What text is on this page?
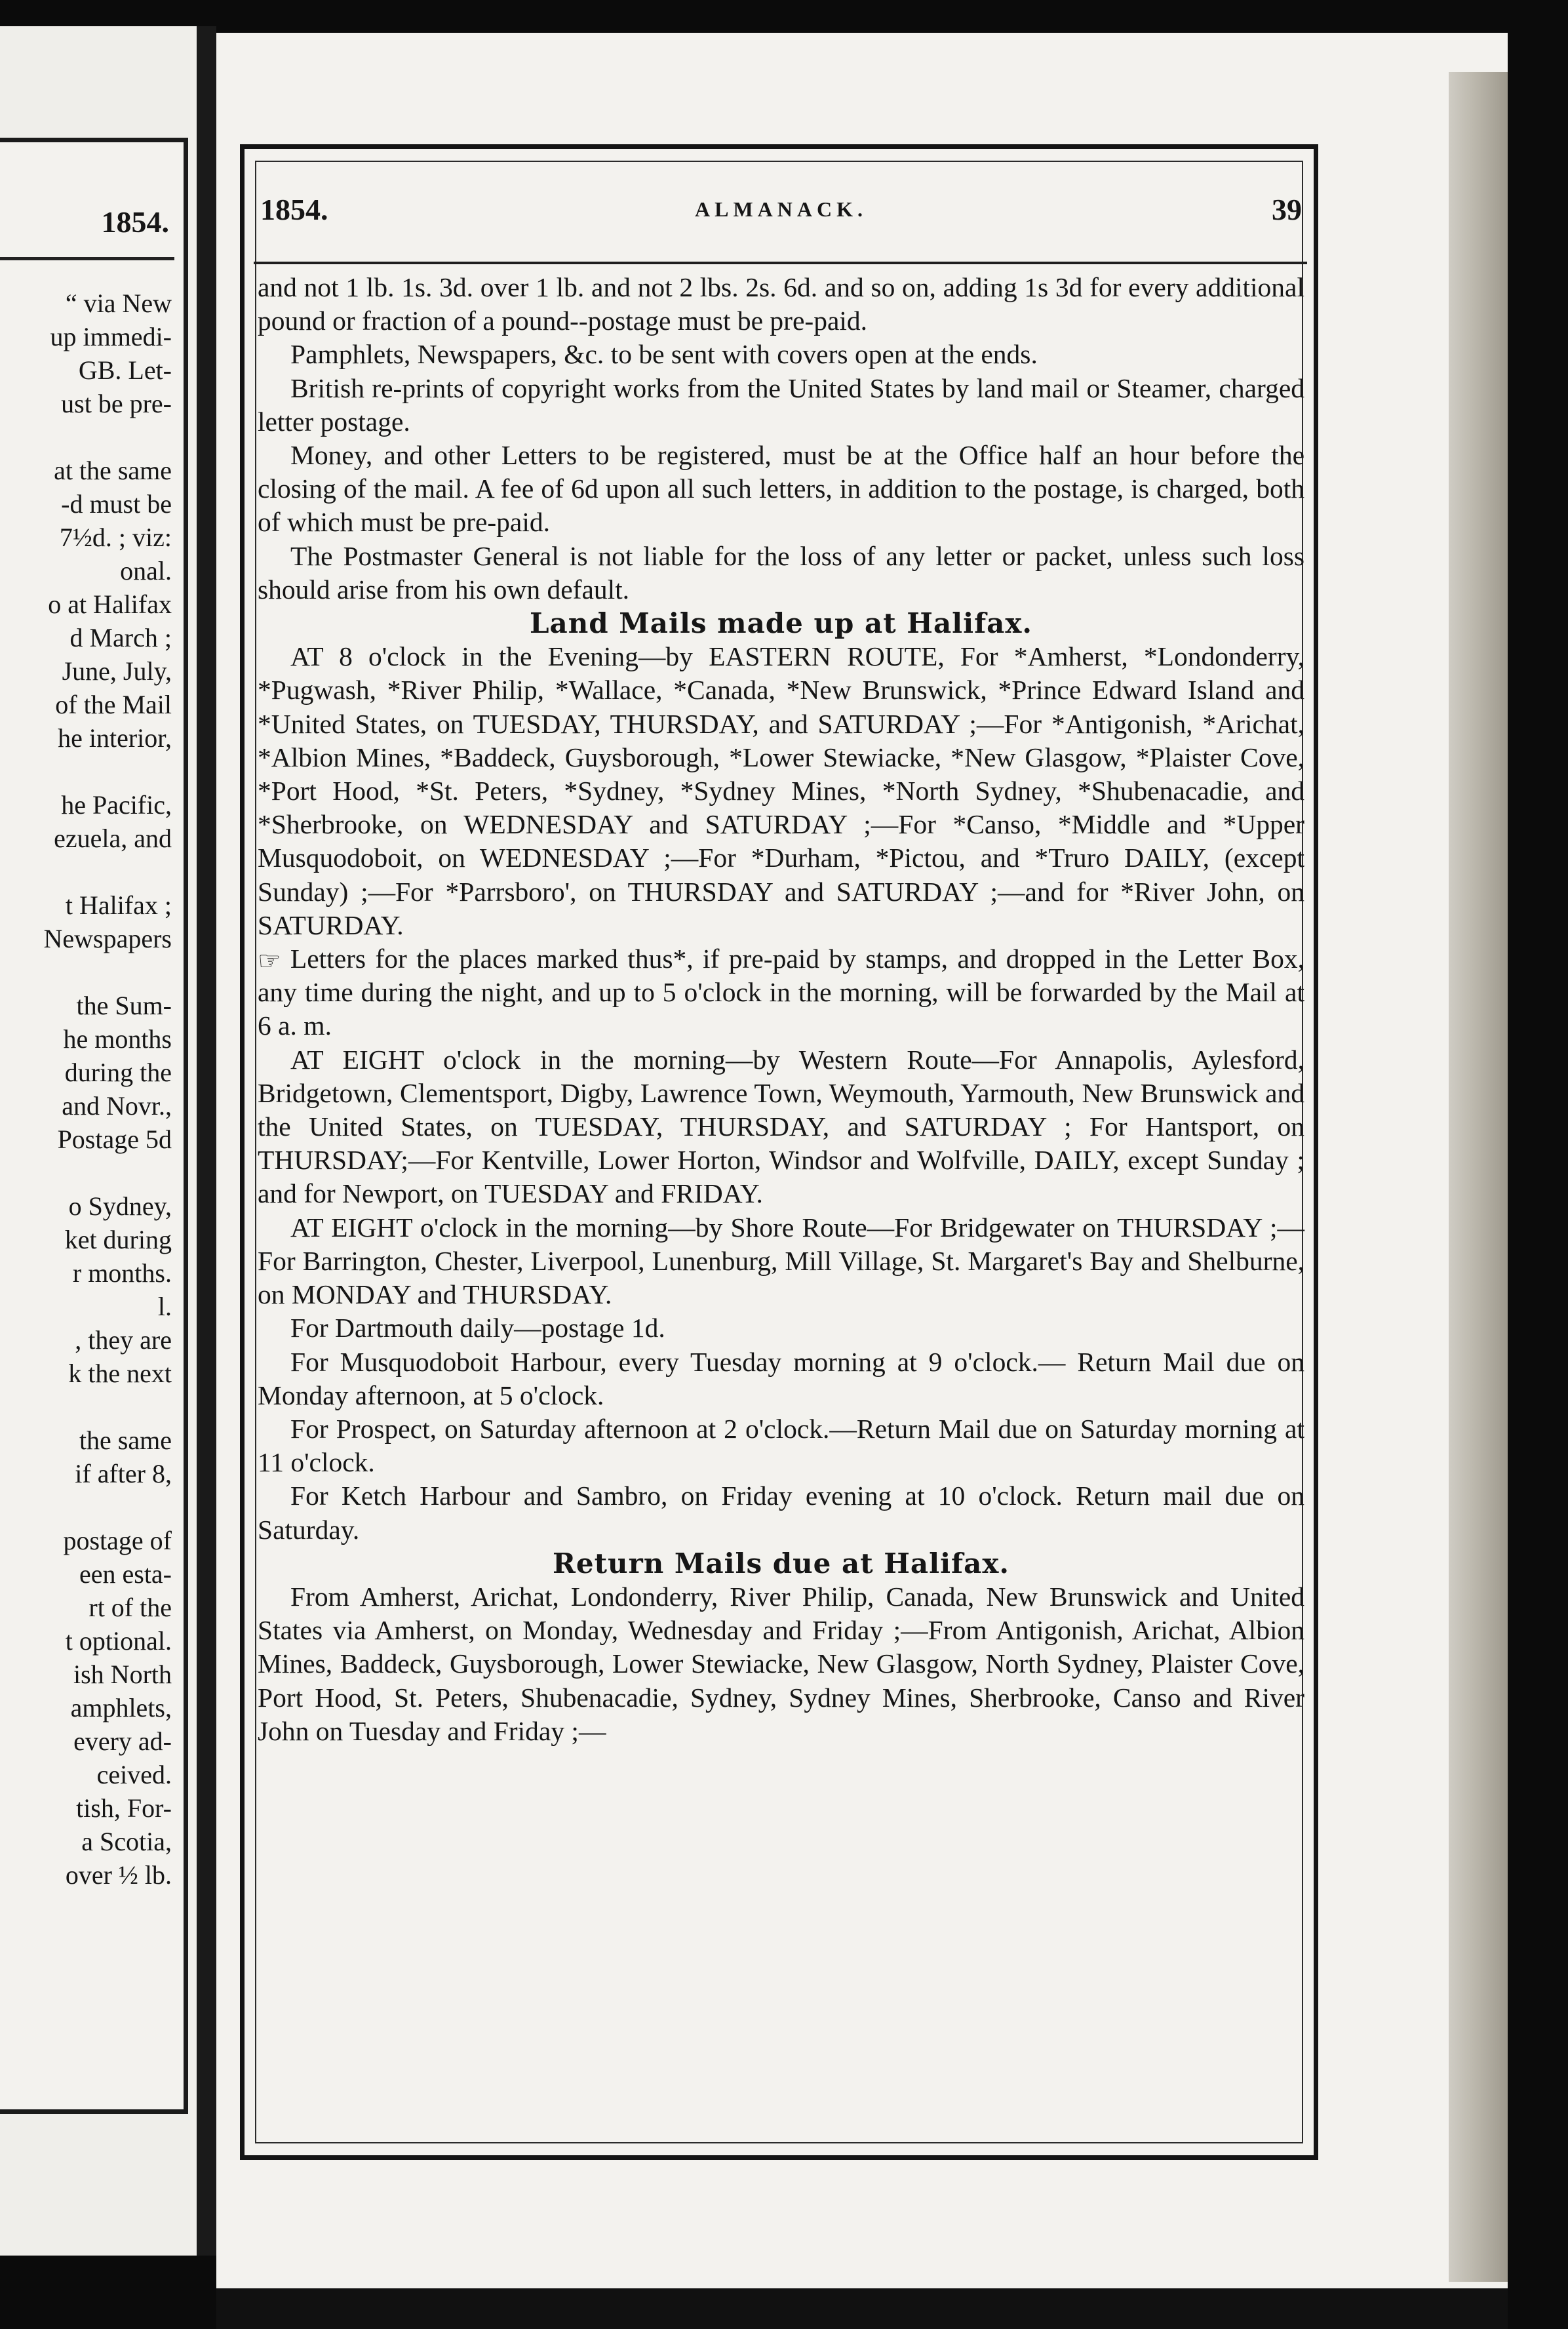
1854.

“ via New
up immedi-
GB. Let-
ust be pre-
at the same
-d must be
7½d. ; viz:
onal.
o at Halifax
d March ;
June, July,
of the Mail
he interior,
he Pacific,
ezuela, and
t Halifax ;
Newspapers
the Sum-
he months
during the
and Novr.,
Postage 5d
o Sydney,
ket during
r months.
l.
, they are
k the next
the same
if after 8,
postage of
een esta-
rt of the
t optional.
ish North
amphlets,
every ad-
ceived.
tish, For-
a Scotia,
over ½ lb.
1854.	ALMANACK.	39

and not 1 lb. 1s. 3d. over 1 lb. and not 2 lbs. 2s. 6d. and so on, adding 1s 3d for every additional pound or fraction of a pound--postage must be pre-paid.

Pamphlets, Newspapers, &c. to be sent with covers open at the ends.

British re-prints of copyright works from the United States by land mail or Steamer, charged letter postage.

Money, and other Letters to be registered, must be at the Office half an hour before the closing of the mail. A fee of 6d upon all such letters, in addition to the postage, is charged, both of which must be pre-paid.

The Postmaster General is not liable for the loss of any letter or packet, unless such loss should arise from his own default.

Land Mails made up at Halifax.

AT 8 o'clock in the Evening—by EASTERN ROUTE, For *Amherst, *Londonderry, *Pugwash, *River Philip, *Wallace, *Canada, *New Brunswick, *Prince Edward Island and *United States, on TUESDAY, THURSDAY, and SATURDAY ;—For *Antigonish, *Arichat, *Albion Mines, *Baddeck, Guysborough, *Lower Stewiacke, *New Glasgow, *Plaister Cove, *Port Hood, *St. Peters, *Sydney, *Sydney Mines, *North Sydney, *Shubenacadie, and *Sherbrooke, on WEDNESDAY and SATURDAY ;—For *Canso, *Middle and *Upper Musquodoboit, on WEDNESDAY ;—For *Durham, *Pictou, and *Truro DAILY, (except Sunday) ;—For *Parrsboro', on THURSDAY and SATURDAY ;—and for *River John, on SATURDAY.

☞ Letters for the places marked thus*, if pre-paid by stamps, and dropped in the Letter Box, any time during the night, and up to 5 o'clock in the morning, will be forwarded by the Mail at 6 a. m.

AT EIGHT o'clock in the morning—by Western Route—For Annapolis, Aylesford, Bridgetown, Clementsport, Digby, Lawrence Town, Weymouth, Yarmouth, New Brunswick and the United States, on TUESDAY, THURSDAY, and SATURDAY ; For Hantsport, on THURSDAY;—For Kentville, Lower Horton, Windsor and Wolfville, DAILY, except Sunday ; and for Newport, on TUESDAY and FRIDAY.

AT EIGHT o'clock in the morning—by Shore Route—For Bridgewater on THURSDAY ;—For Barrington, Chester, Liverpool, Lunenburg, Mill Village, St. Margaret's Bay and Shelburne, on MONDAY and THURSDAY.

For Dartmouth daily—postage 1d.

For Musquodoboit Harbour, every Tuesday morning at 9 o'clock.— Return Mail due on Monday afternoon, at 5 o'clock.

For Prospect, on Saturday afternoon at 2 o'clock.—Return Mail due on Saturday morning at 11 o'clock.

For Ketch Harbour and Sambro, on Friday evening at 10 o'clock. Return mail due on Saturday.

Return Mails due at Halifax.

From Amherst, Arichat, Londonderry, River Philip, Canada, New Brunswick and United States via Amherst, on Monday, Wednesday and Friday ;—From Antigonish, Arichat, Albion Mines, Baddeck, Guysborough, Lower Stewiacke, New Glasgow, North Sydney, Plaister Cove, Port Hood, St. Peters, Shubenacadie, Sydney, Sydney Mines, Sherbrooke, Canso and River John on Tuesday and Friday ;—
